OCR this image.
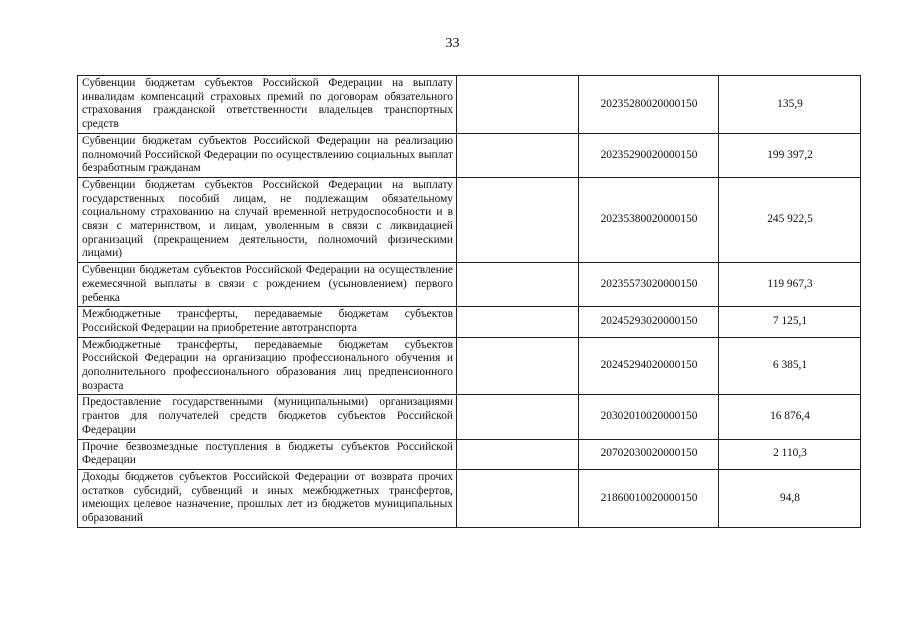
33
Субвенции бюджетам субъектов Российской Федерации на выплату инвалидам компенсаций страховых премий по договорам обязательного страхования гражданской ответственности владельцев транспортных средств		20235280020000150	135,9
Субвенции бюджетам субъектов Российской Федерации на реализацию полномочий Российской Федерации по осуществлению социальных выплат безработным гражданам		20235290020000150	199 397,2
Субвенции бюджетам субъектов Российской Федерации на выплату государственных пособий лицам, не подлежащим обязательному социальному страхованию на случай временной нетрудоспособности и в связи с материнством, и лицам, уволенным в связи с ликвидацией организаций (прекращением деятельности, полномочий физическими лицами)		20235380020000150	245 922,5
Субвенции бюджетам субъектов Российской Федерации на осуществление ежемесячной выплаты в связи с рождением (усыновлением) первого ребенка		20235573020000150	119 967,3
Межбюджетные трансферты, передаваемые бюджетам субъектов Российской Федерации на приобретение автотранспорта		20245293020000150	7 125,1
Межбюджетные трансферты, передаваемые бюджетам субъектов Российской Федерации на организацию профессионального обучения и дополнительного профессионального образования лиц предпенсионного возраста		20245294020000150	6 385,1
Предоставление государственными (муниципальными) организациями грантов для получателей средств бюджетов субъектов Российской Федерации		20302010020000150	16 876,4
Прочие безвозмездные поступления в бюджеты субъектов Российской Федерации		20702030020000150	2 110,3
Доходы бюджетов субъектов Российской Федерации от возврата прочих остатков субсидий, субвенций и иных межбюджетных трансфертов, имеющих целевое назначение, прошлых лет из бюджетов муниципальных образований		21860010020000150	94,8
